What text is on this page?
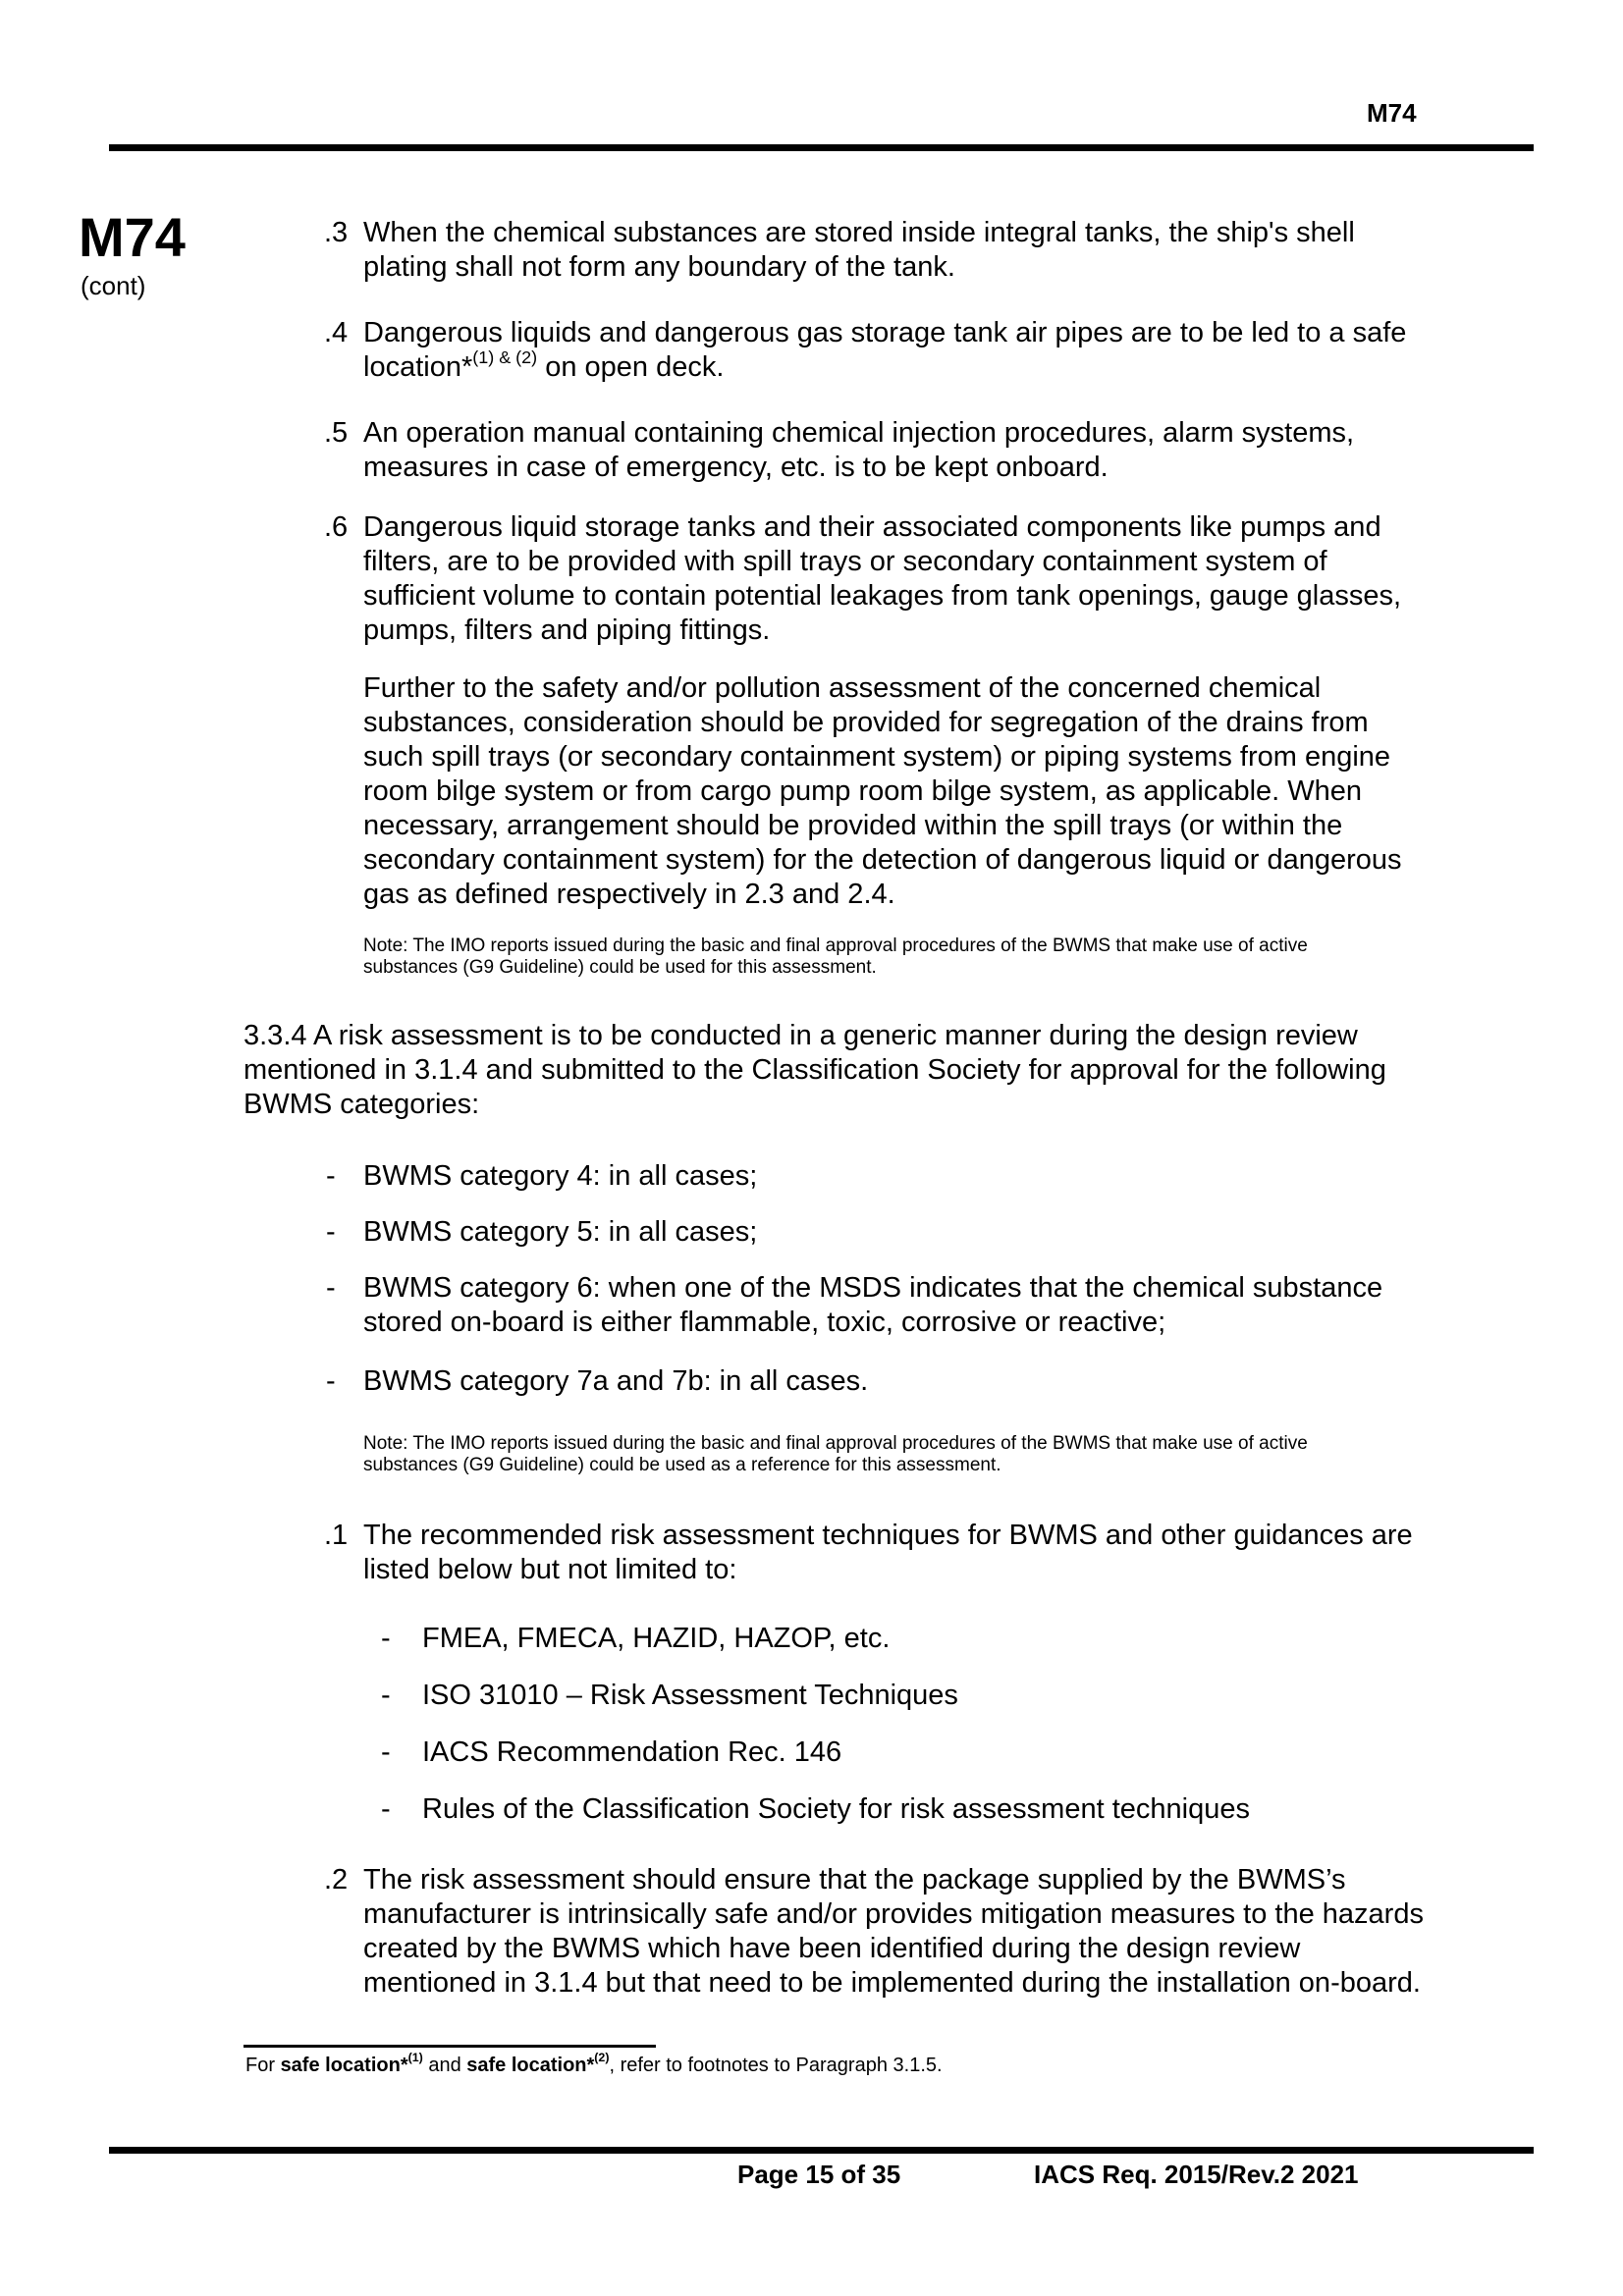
M74
M74
(cont)
.3 When the chemical substances are stored inside integral tanks, the ship's shell
plating shall not form any boundary of the tank.
.4 Dangerous liquids and dangerous gas storage tank air pipes are to be led to a safe
location*$^{(1) \& (2)}$ on open deck.
.5 An operation manual containing chemical injection procedures, alarm systems,
measures in case of emergency, etc. is to be kept onboard.
.6 Dangerous liquid storage tanks and their associated components like pumps and
filters, are to be provided with spill trays or secondary containment system of
sufficient volume to contain potential leakages from tank openings, gauge glasses,
pumps, filters and piping fittings.
Further to the safety and/or pollution assessment of the concerned chemical
substances, consideration should be provided for segregation of the drains from
such spill trays (or secondary containment system) or piping systems from engine
room bilge system or from cargo pump room bilge system, as applicable. When
necessary, arrangement should be provided within the spill trays (or within the
secondary containment system) for the detection of dangerous liquid or dangerous
gas as defined respectively in 2.3 and 2.4.
Note: The IMO reports issued during the basic and final approval procedures of the BWMS that make use of active
substances (G9 Guideline) could be used for this assessment.
3.3.4 A risk assessment is to be conducted in a generic manner during the design review
mentioned in 3.1.4 and submitted to the Classification Society for approval for the following
BWMS categories:
- BWMS category 4: in all cases;
- BWMS category 5: in all cases;
- BWMS category 6: when one of the MSDS indicates that the chemical substance
stored on-board is either flammable, toxic, corrosive or reactive;
- BWMS category 7a and 7b: in all cases.
Note: The IMO reports issued during the basic and final approval procedures of the BWMS that make use of active
substances (G9 Guideline) could be used as a reference for this assessment.
.1 The recommended risk assessment techniques for BWMS and other guidances are
listed below but not limited to:
- FMEA, FMECA, HAZID, HAZOP, etc.
- ISO 31010 – Risk Assessment Techniques
- IACS Recommendation Rec. 146
- Rules of the Classification Society for risk assessment techniques
.2 The risk assessment should ensure that the package supplied by the BWMS’s
manufacturer is intrinsically safe and/or provides mitigation measures to the hazards
created by the BWMS which have been identified during the design review
mentioned in 3.1.4 but that need to be implemented during the installation on-board.
For safe location*$^{(1)}$ and safe location*$^{(2)}$, refer to footnotes to Paragraph 3.1.5.
Page 15 of 35	IACS Req. 2015/Rev.2 2021
